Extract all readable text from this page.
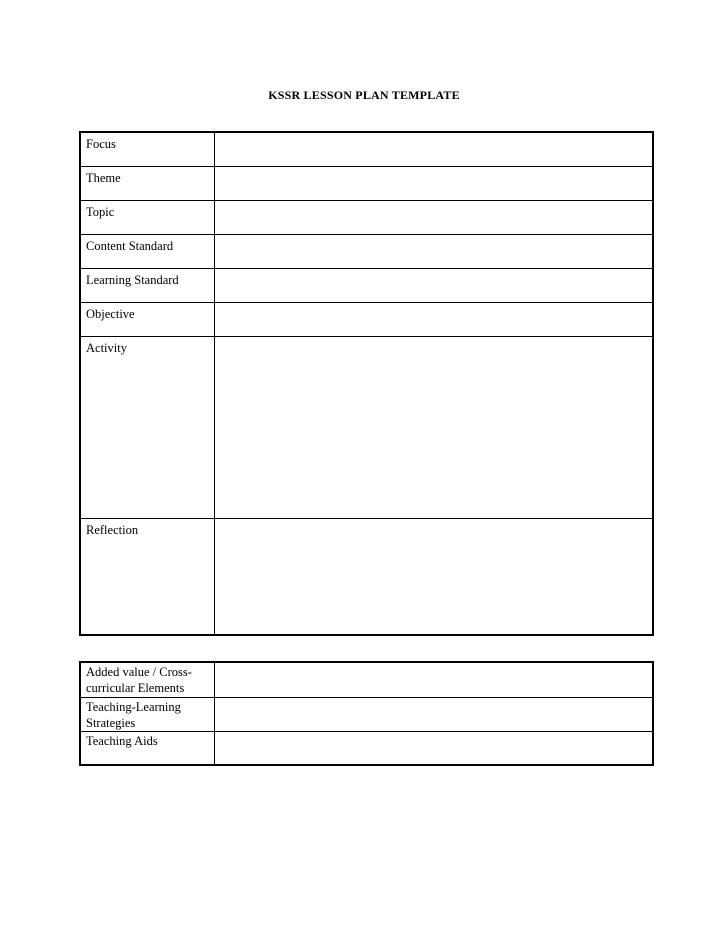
KSSR LESSON PLAN TEMPLATE
Focus	
Theme	
Topic	
Content Standard	
Learning Standard	
Objective	
Activity	
Reflection	
Added value / Cross-curricular Elements	
Teaching-Learning Strategies	
Teaching Aids	
